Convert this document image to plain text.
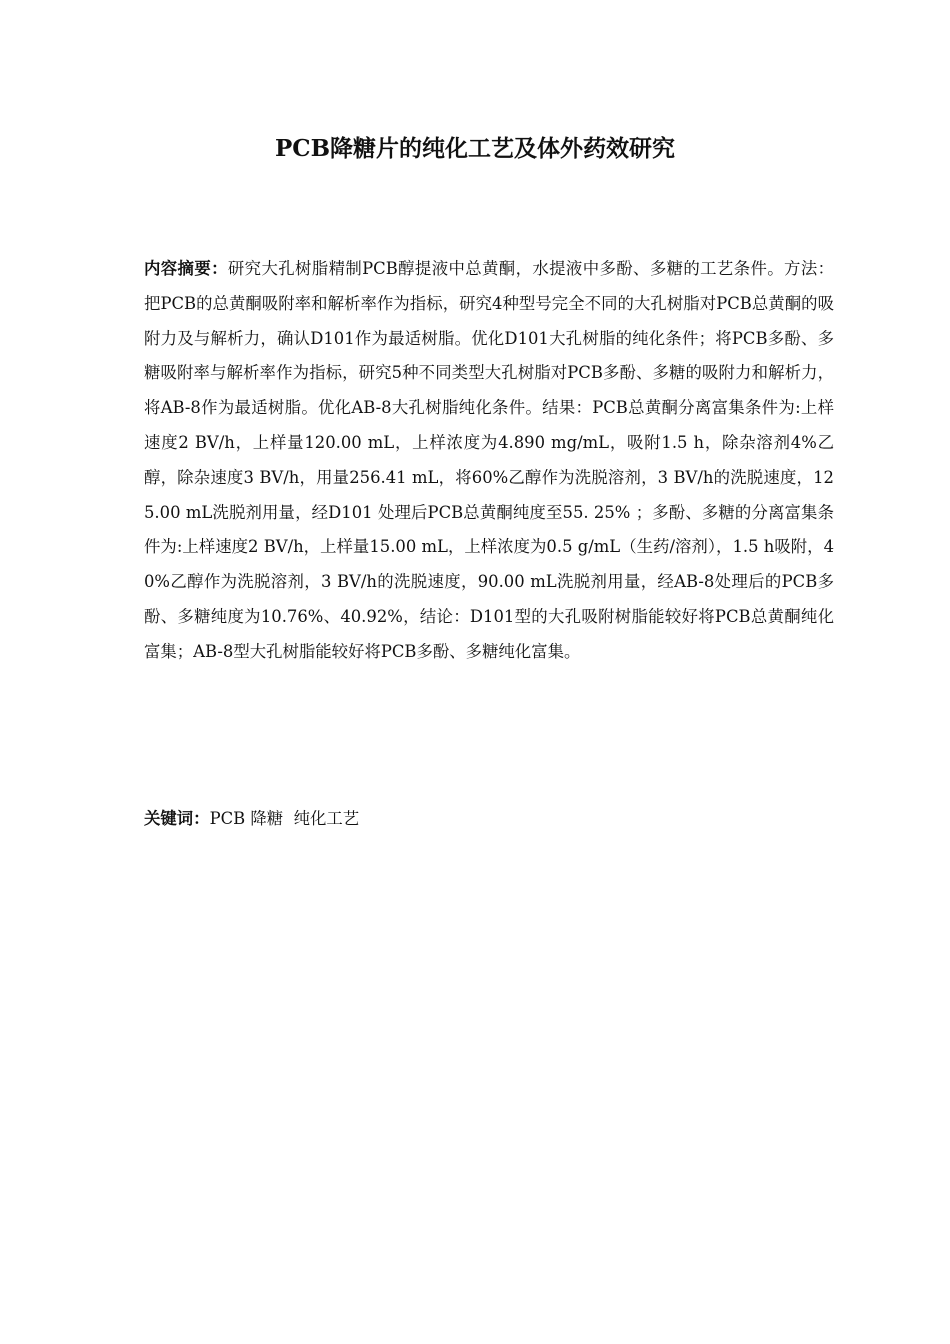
PCB降糖片的纯化工艺及体外药效研究

内容摘要：研究大孔树脂精制PCB醇提液中总黄酮，水提液中多酚、多糖的工艺条件。方法：把PCB的总黄酮吸附率和解析率作为指标，研究4种型号完全不同的大孔树脂对PCB总黄酮的吸附力及与解析力，确认D101作为最适树脂。优化D101大孔树脂的纯化条件；将PCB多酚、多糖吸附率与解析率作为指标，研究5种不同类型大孔树脂对PCB多酚、多糖的吸附力和解析力，将AB-8作为最适树脂。优化AB-8大孔树脂纯化条件。结果：PCB总黄酮分离富集条件为:上样速度2 BV/h，上样量120.00 mL，上样浓度为4.890 mg/mL，吸附1.5 h，除杂溶剂4%乙醇，除杂速度3 BV/h，用量256.41 mL，将60%乙醇作为洗脱溶剂，3 BV/h的洗脱速度，125.00 mL洗脱剂用量，经D101 处理后PCB总黄酮纯度至55. 25% ；多酚、多糖的分离富集条件为:上样速度2 BV/h，上样量15.00 mL，上样浓度为0.5 g/mL（生药/溶剂），1.5 h吸附，40%乙醇作为洗脱溶剂，3 BV/h的洗脱速度，90.00 mL洗脱剂用量，经AB-8处理后的PCB多酚、多糖纯度为10.76%、40.92%，结论：D101型的大孔吸附树脂能较好将PCB总黄酮纯化富集；AB-8型大孔树脂能较好将PCB多酚、多糖纯化富集。

关键词：PCB 降糖  纯化工艺
